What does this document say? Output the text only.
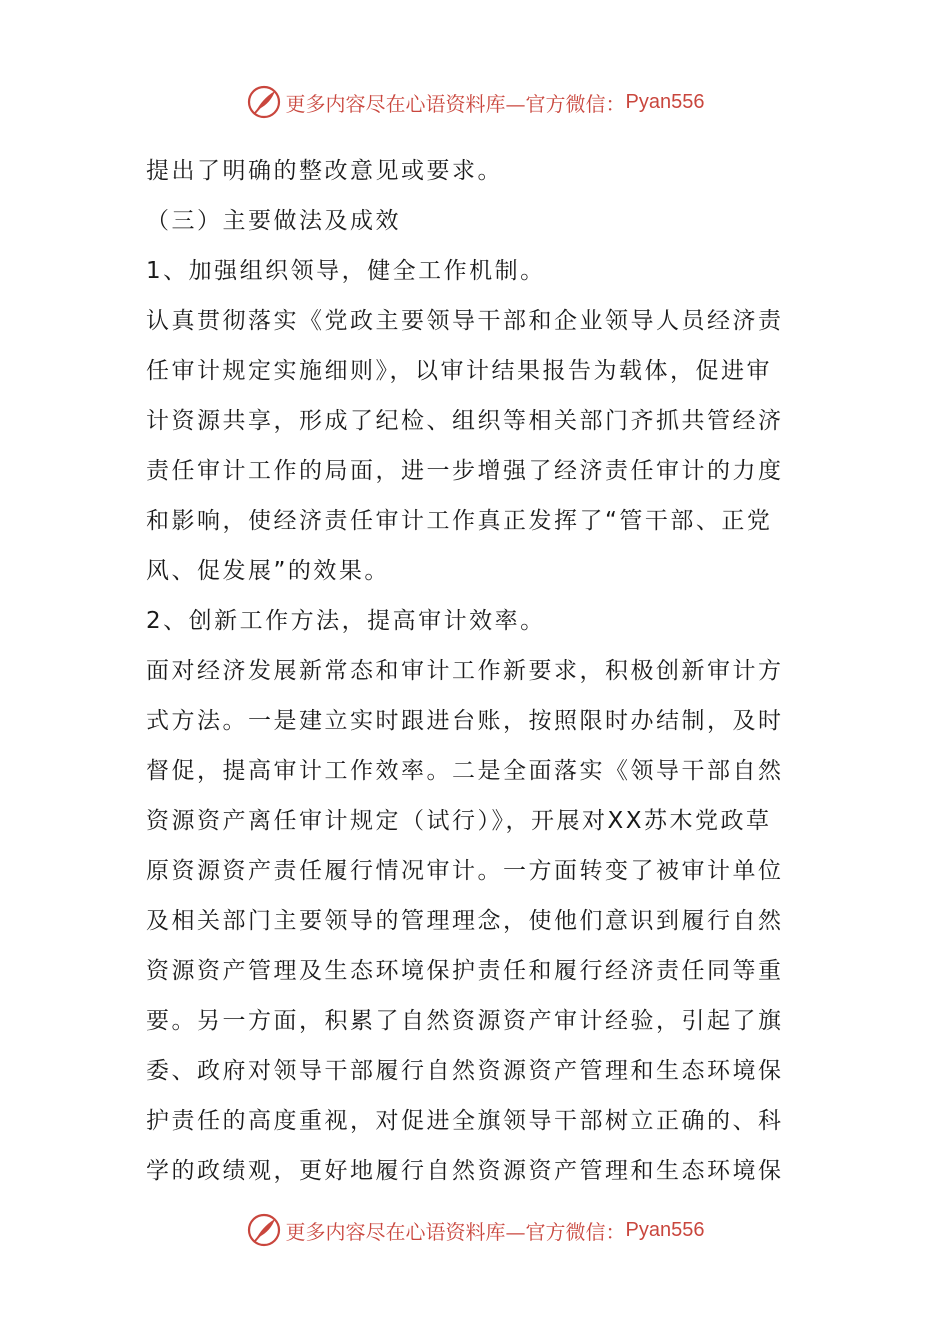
更多内容尽在心语资料库—官方微信： Pyan556
提出了明确的整改意见或要求。
（三）主要做法及成效
1、加强组织领导，健全工作机制。
认真贯彻落实《党政主要领导干部和企业领导人员经济责
任审计规定实施细则》，以审计结果报告为载体，促进审
计资源共享，形成了纪检、组织等相关部门齐抓共管经济
责任审计工作的局面，进一步增强了经济责任审计的力度
和影响，使经济责任审计工作真正发挥了“管干部、正党
风、促发展”的效果。
2、创新工作方法，提高审计效率。
面对经济发展新常态和审计工作新要求，积极创新审计方
式方法。一是建立实时跟进台账，按照限时办结制，及时
督促，提高审计工作效率。二是全面落实《领导干部自然
资源资产离任审计规定（试行）》，开展对XX苏木党政草
原资源资产责任履行情况审计。一方面转变了被审计单位
及相关部门主要领导的管理理念，使他们意识到履行自然
资源资产管理及生态环境保护责任和履行经济责任同等重
要。另一方面，积累了自然资源资产审计经验，引起了旗
委、政府对领导干部履行自然资源资产管理和生态环境保
护责任的高度重视，对促进全旗领导干部树立正确的、科
学的政绩观，更好地履行自然资源资产管理和生态环境保
更多内容尽在心语资料库—官方微信： Pyan556
